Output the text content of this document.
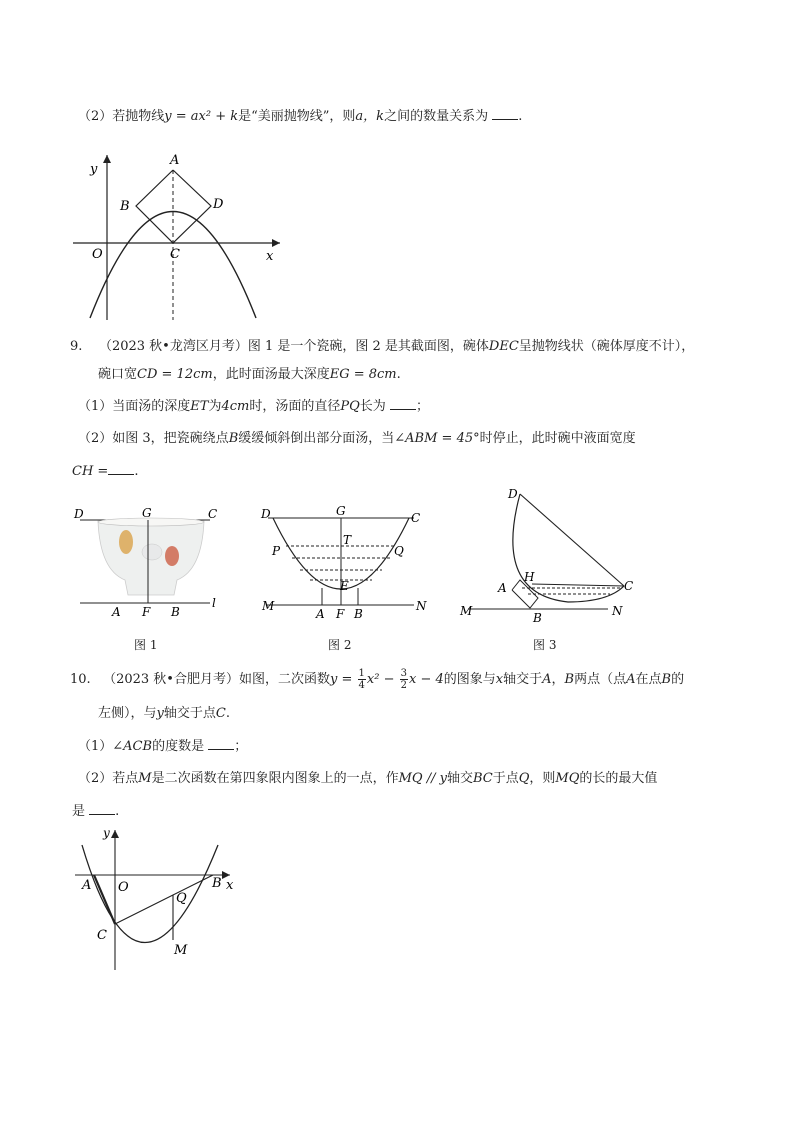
（2）若抛物线y = ax² + k是“美丽抛物线”，则a，k之间的数量关系为 .
y
x
O
A
B
C
D
9. （2023 秋•龙湾区月考）图 1 是一个瓷碗，图 2 是其截面图，碗体DEC呈抛物线状（碗体厚度不计），
碗口宽CD = 12cm，此时面汤最大深度EG = 8cm.
（1）当面汤的深度ET为4cm时，汤面的直径PQ长为 ；
（2）如图 3，把瓷碗绕点B缓缓倾斜倒出部分面汤，当∠ABM = 45°时停止，此时碗中液面宽度
CH = .
D	G	C
A F B
l
图 1
D	G	C
P
T
Q
E
M
A F B
N
图 2
D
H
A	C
M	B	N
图 3
10. （2023 秋•合肥月考）如图，二次函数$y = \frac{1}{4} x^2 - \frac{3}{2}$ x − 4的图象与x轴交于A，B两点（点A在点B的
左侧），与y轴交于点C.
（1）∠ACB的度数是 ；
（2）若点M是二次函数在第四象限内图象上的一点，作MQ // y轴交BC于点Q，则MQ的长的最大值
是 .
y
A O	B x
Q
C
M
